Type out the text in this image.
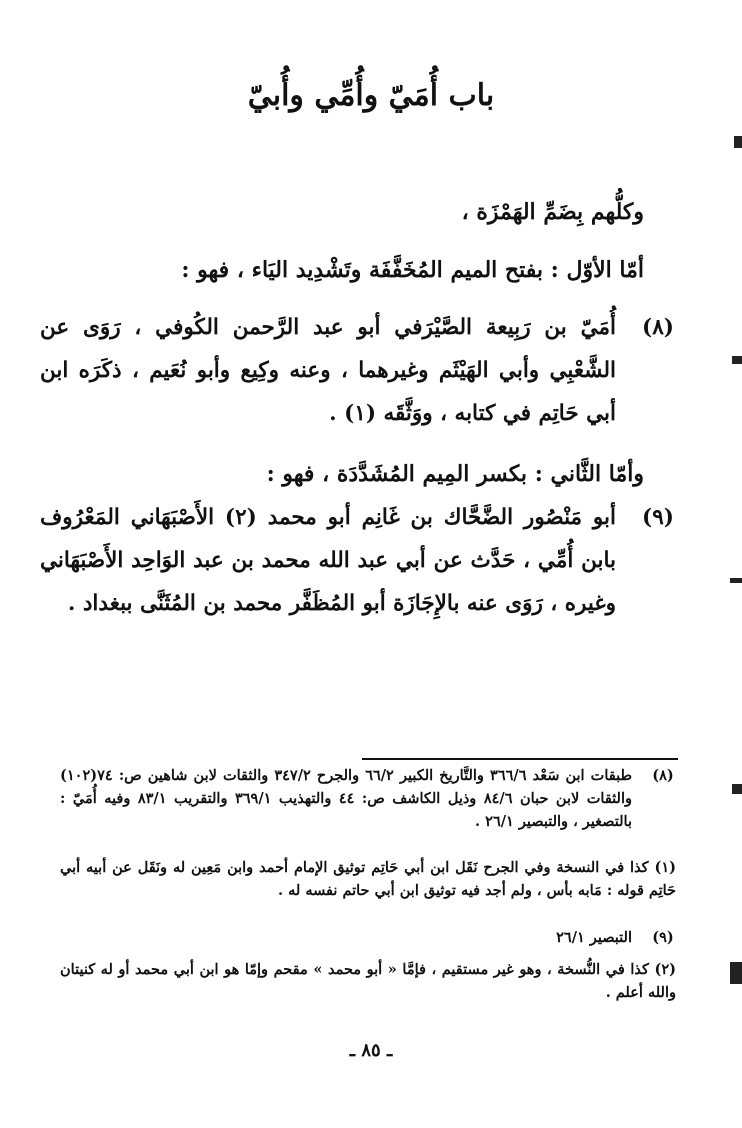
باب أُمَيّ وأُمِّي وأُبيّ
وكلُّهم بِضَمِّ الهَمْزَة ،
أمّا الأوّل : بفتح الميم المُخَفَّفَة وتَشْدِيد اليَاء ، فهو :
(٨)
أُمَيّ بن رَبِيعة الصَّيْرَفي أبو عبد الرَّحمن الكُوفي ، رَوَى عن الشَّعْبِي وأبي الهَيْثَم وغيرهما ، وعنه وكِيع وأبو نُعَيم ، ذكَرَه ابن أبي حَاتِم في كتابه ، ووَثَّقَه (١) .
وأمّا الثَّاني : بكسر المِيم المُشَدَّدَة ، فهو :
(٩)
أبو مَنْصُور الضَّحَّاك بن غَانِم أبو محمد (٢) الأَصْبَهَاني المَعْرُوف بابن أُمِّي ، حَدَّث عن أبي عبد الله محمد بن عبد الوَاحِد الأَصْبَهَاني وغيره ، رَوَى عنه بالإِجَازَة أبو المُظَفَّر محمد بن المُثَنَّى ببغداد .
(٨)
طبقات ابن سَعْد ٣٦٦/٦ والتَّاريخ الكبير ٦٦/٢ والجرح ٣٤٧/٢ والثقات لابن شاهين ص: ٧٤(١٠٢) والثقات لابن حبان ٨٤/٦ وذيل الكاشف ص: ٤٤ والتهذيب ٣٦٩/١ والتقريب ٨٣/١ وفيه أُمَيّ : بالتصغير ، والتبصير ٢٦/١ .
(١) كذا في النسخة وفي الجرح نَقَل ابن أبي حَاتِم توثيق الإمام أحمد وابن مَعِين له ونَقَل عن أبيه أبي حَاتِم قوله : مَابه بأس ، ولم أجد فيه توثيق ابن أبي حاتم نفسه له .
(٩)
التبصير ٢٦/١
(٢) كذا في النُّسخة ، وهو غير مستقيم ، فإمَّا « أبو محمد » مقحم وإمّا هو ابن أبي محمد أو له كنيتان والله أعلم .
ـ ٨٥ ـ
